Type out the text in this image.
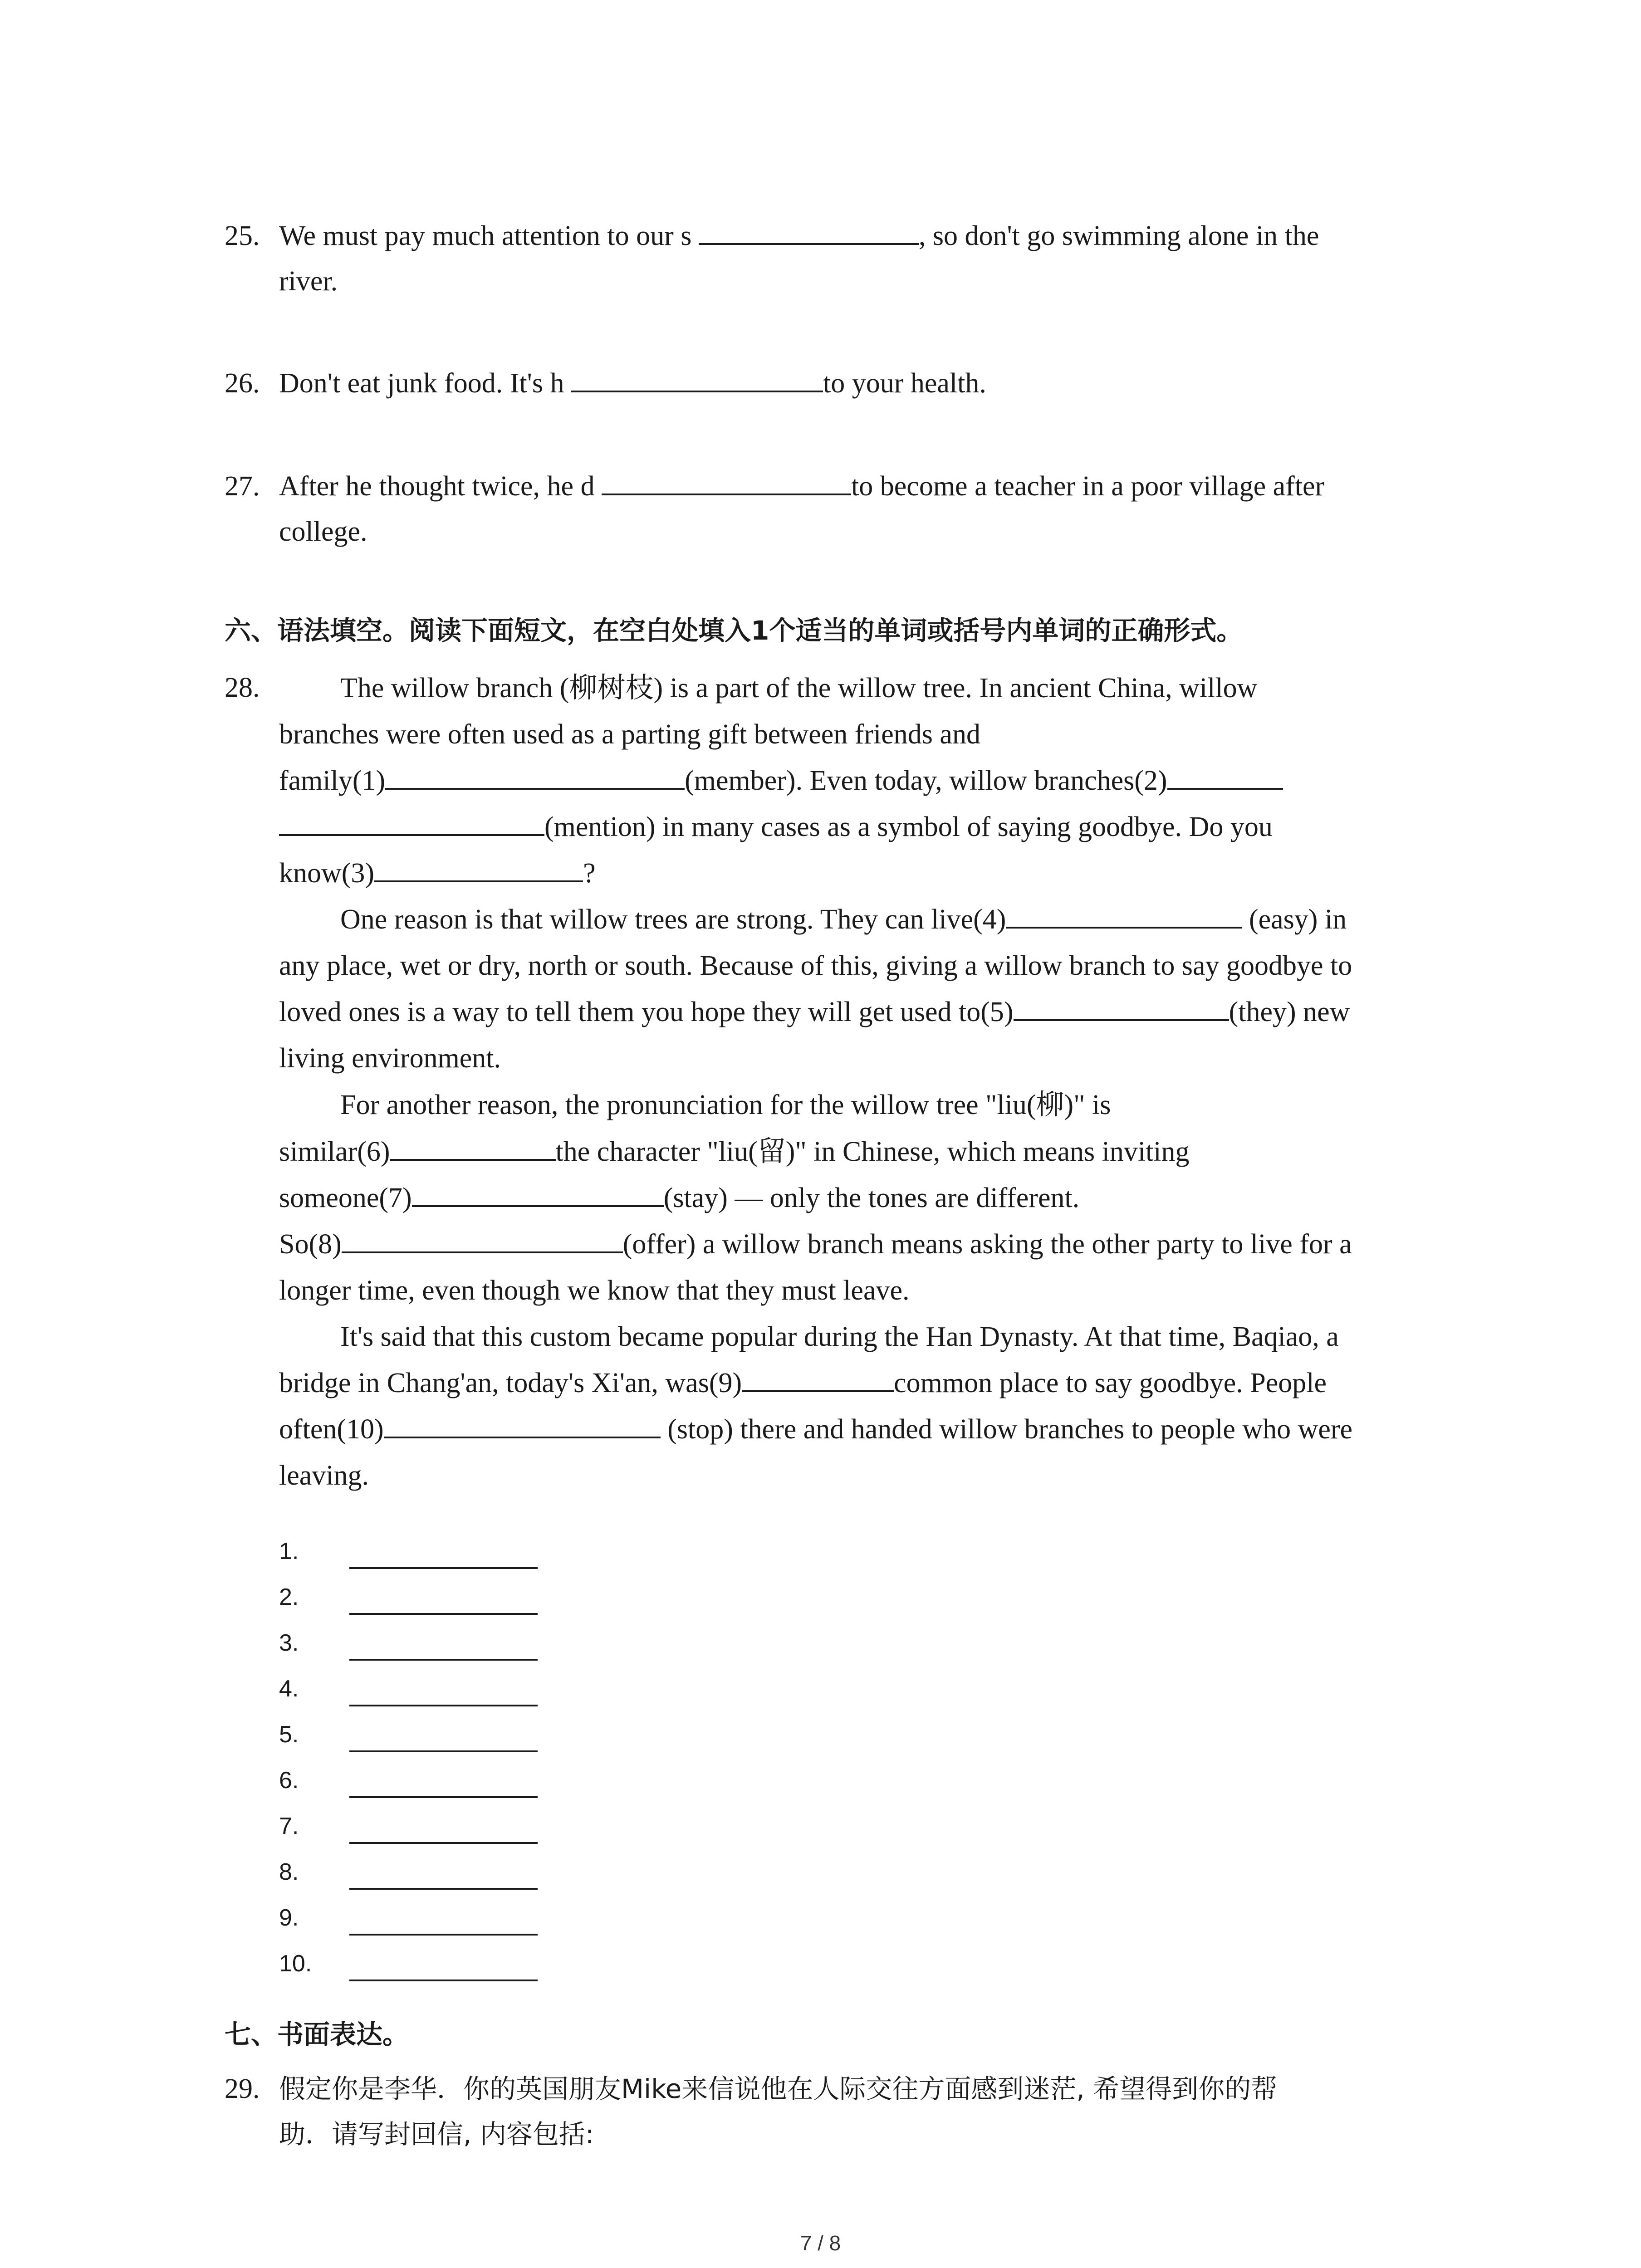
25. We must pay much attention to our s	, so don't go swimming alone in the
river.
26. Don't eat junk food. It's h	to your health.
27. After he thought twice, he d	to become a teacher in a poor village after
college.
六、语法填空。阅读下面短文，在空白处填入1个适当的单词或括号内单词的正确形式。
28.	The willow branch (柳树枝) is a part of the willow tree. In ancient China, willow
branches were often used as a parting gift between friends and
family(1)	(member). Even today, willow branches(2)
(mention) in many cases as a symbol of saying goodbye. Do you
know(3)	?
One reason is that willow trees are strong. They can live(4)	(easy) in
any place, wet or dry, north or south. Because of this, giving a willow branch to say goodbye to
loved ones is a way to tell them you hope they will get used to(5)	(they) new
living environment.
For another reason, the pronunciation for the willow tree "liu(柳)" is
similar(6)	the character "liu(留)" in Chinese, which means inviting
someone(7)	(stay) — only the tones are different.
So(8)	(offer) a willow branch means asking the other party to live for a
longer time, even though we know that they must leave.
It's said that this custom became popular during the Han Dynasty. At that time, Baqiao, a
bridge in Chang'an, today's Xi'an, was(9)	common place to say goodbye. People
often(10)	(stop) there and handed willow branches to people who were
leaving.
1.
2.
3.
4.
5.
6.
7.
8.
9.
10.
七、书面表达。
29. 假定你是李华．你的英国朋友Mike来信说他在人际交往方面感到迷茫, 希望得到你的帮
助．请写封回信, 内容包括:
7 / 8
